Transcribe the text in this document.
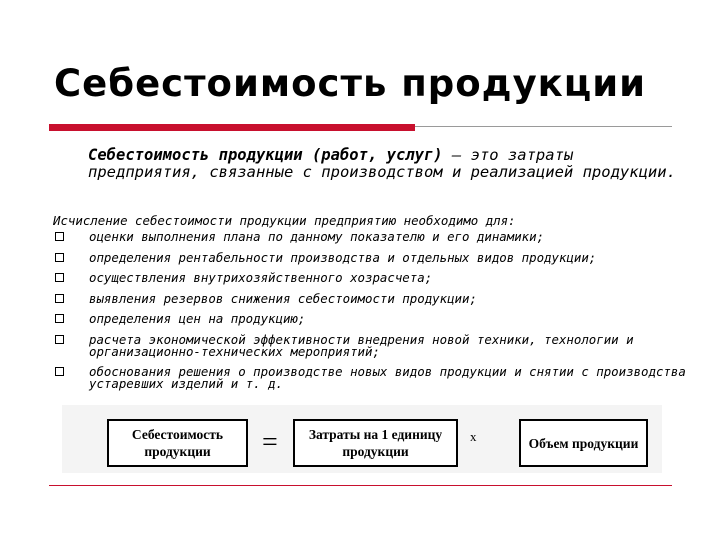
Себестоимость продукции
Себестоимость продукции (работ, услуг) – это затраты предприятия, связанные с производством и реализацией продукции.
Исчисление себестоимости продукции предприятию необходимо для:
оценки выполнения плана по данному показателю и его динамики;
определения рентабельности производства и отдельных видов продукции;
осуществления внутрихозяйственного хозрасчета;
выявления резервов снижения себестоимости продукции;
определения цен на продукцию;
расчета экономической эффективности внедрения новой техники, технологии и организационно-технических мероприятий;
обоснования решения о производстве новых видов продукции и снятии с производства устаревших изделий и т. д.
Себестоимость продукции	=	Затраты на 1 единицу продукции
x	Объем продукции
